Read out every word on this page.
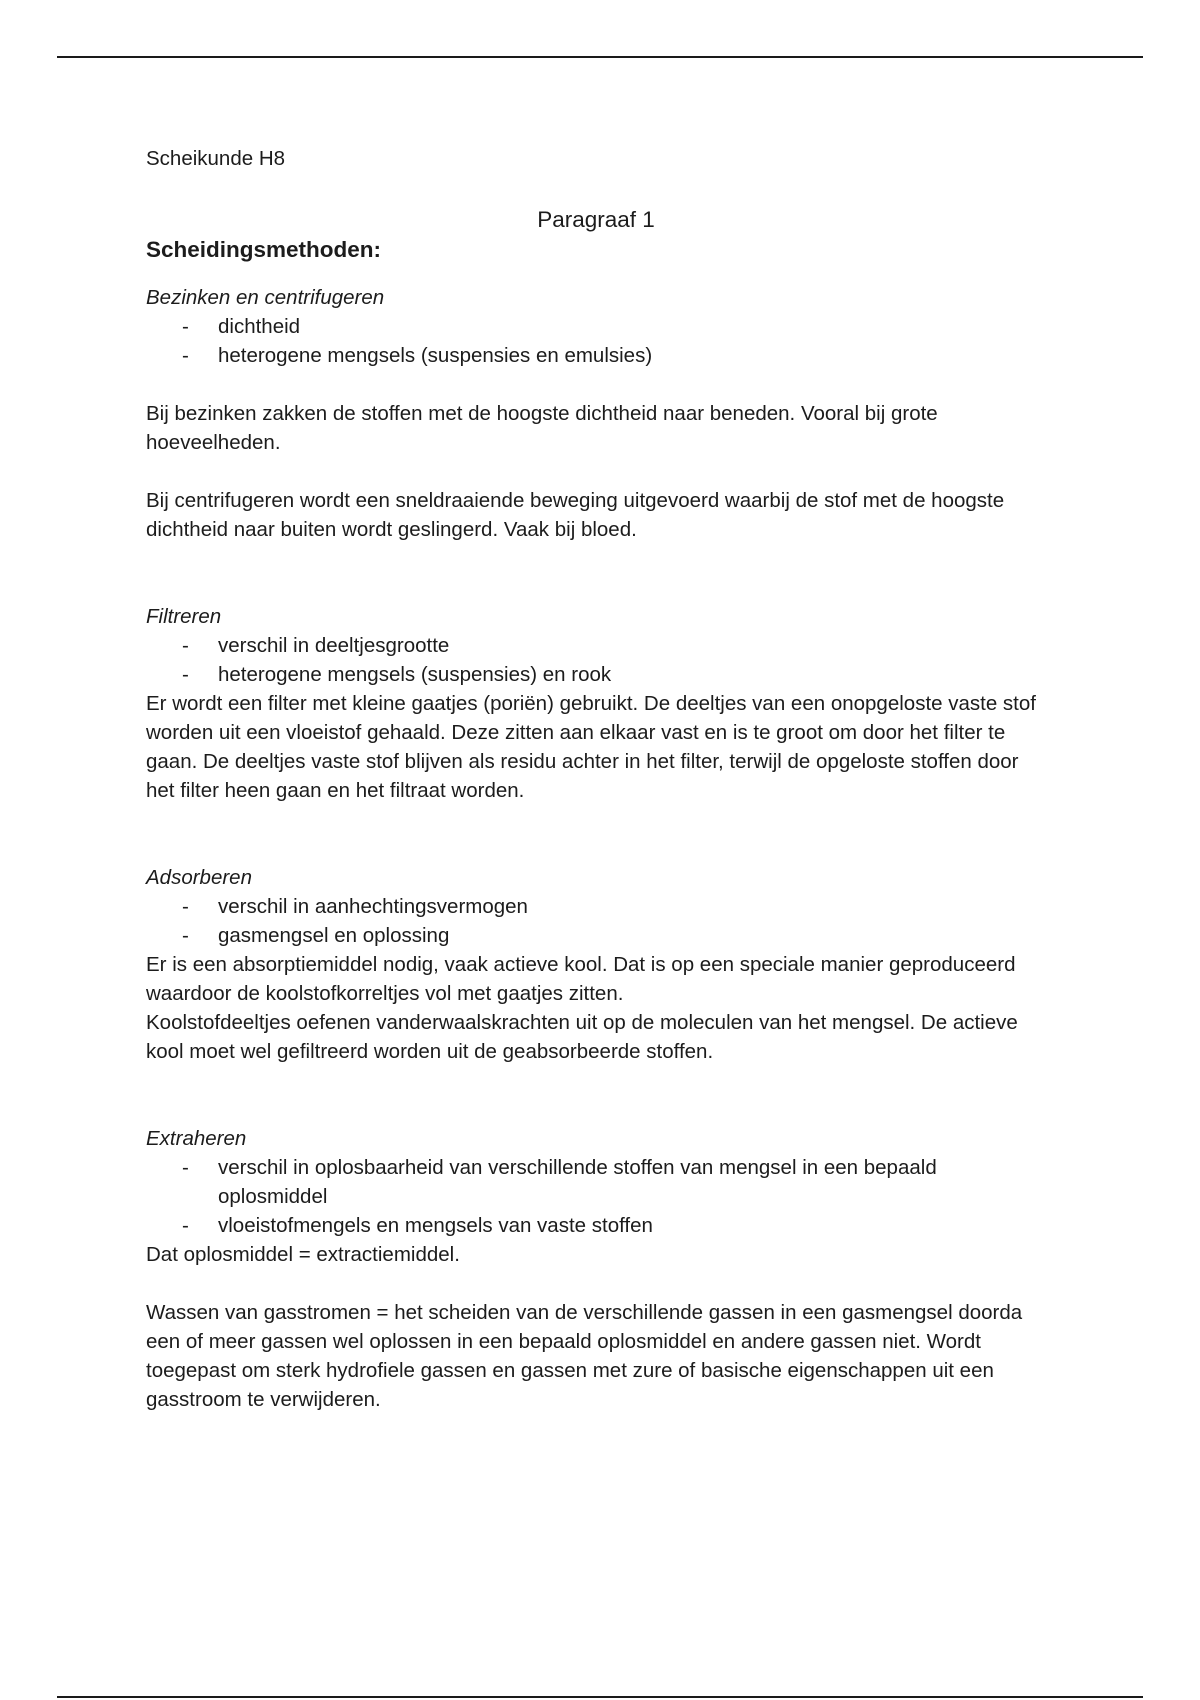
Scheikunde H8

Paragraaf 1

Scheidingsmethoden:

Bezinken en centrifugeren

- dichtheid
- heterogene mengsels (suspensies en emulsies)

Bij bezinken zakken de stoffen met de hoogste dichtheid naar beneden. Vooral bij grote hoeveelheden.

Bij centrifugeren wordt een sneldraaiende beweging uitgevoerd waarbij de stof met de hoogste dichtheid naar buiten wordt geslingerd. Vaak bij bloed.

Filtreren

- verschil in deeltjesgrootte
- heterogene mengsels (suspensies) en rook

Er wordt een filter met kleine gaatjes (poriën) gebruikt. De deeltjes van een onopgeloste vaste stof worden uit een vloeistof gehaald. Deze zitten aan elkaar vast en is te groot om door het filter te gaan. De deeltjes vaste stof blijven als residu achter in het filter, terwijl de opgeloste stoffen door het filter heen gaan en het filtraat worden.

Adsorberen

- verschil in aanhechtingsvermogen
- gasmengsel en oplossing

Er is een absorptiemiddel nodig, vaak actieve kool. Dat is op een speciale manier geproduceerd waardoor de koolstofkorreltjes vol met gaatjes zitten.

Koolstofdeeltjes oefenen vanderwaalskrachten uit op de moleculen van het mengsel. De actieve kool moet wel gefiltreerd worden uit de geabsorbeerde stoffen.

Extraheren

- verschil in oplosbaarheid van verschillende stoffen van mengsel in een bepaald oplosmiddel
- vloeistofmengels en mengsels van vaste stoffen

Dat oplosmiddel = extractiemiddel.

Wassen van gasstromen = het scheiden van de verschillende gassen in een gasmengsel doorda een of meer gassen wel oplossen in een bepaald oplosmiddel en andere gassen niet. Wordt toegepast om sterk hydrofiele gassen en gassen met zure of basische eigenschappen uit een gasstroom te verwijderen.
